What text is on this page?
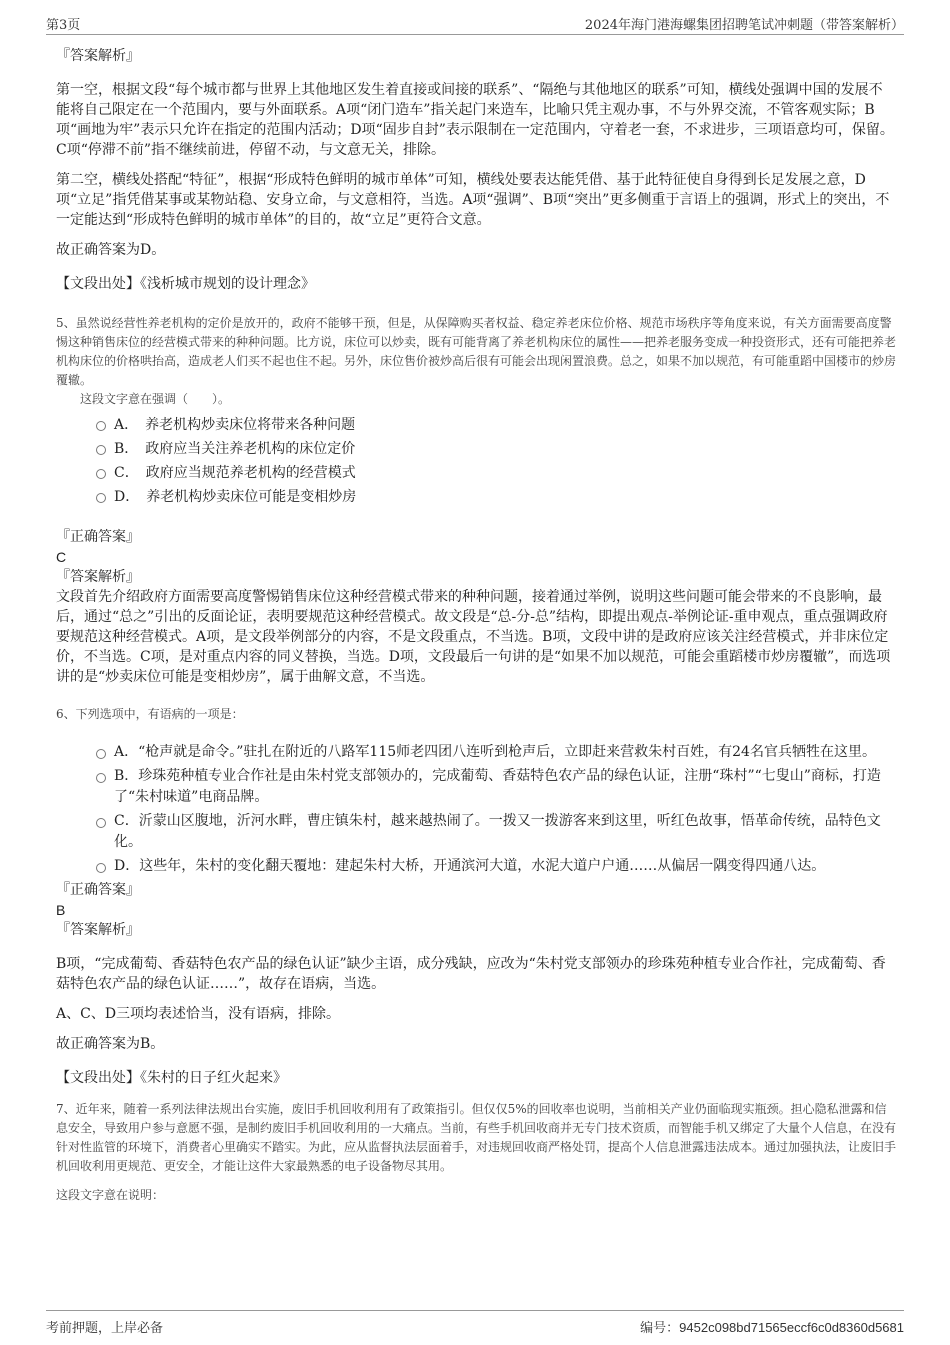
第3页	2024年海门港海螺集团招聘笔试冲刺题（带答案解析）
『答案解析』

第一空，根据文段“每个城市都与世界上其他地区发生着直接或间接的联系”、“隔绝与其他地区的联系”可知，横线处强调中国的发展不能将自己限定在一个范围内，要与外面联系。A项“闭门造车”指关起门来造车，比喻只凭主观办事，不与外界交流，不管客观实际；B项“画地为牢”表示只允许在指定的范围内活动；D项“固步自封”表示限制在一定范围内，守着老一套，不求进步，三项语意均可，保留。C项“停滞不前”指不继续前进，停留不动，与文意无关，排除。

第二空，横线处搭配“特征”，根据“形成特色鲜明的城市单体”可知，横线处要表达能凭借、基于此特征使自身得到长足发展之意，D项“立足”指凭借某事或某物站稳、安身立命，与文意相符，当选。A项“强调”、B项“突出”更多侧重于言语上的强调，形式上的突出，不一定能达到“形成特色鲜明的城市单体”的目的，故“立足”更符合文意。

故正确答案为D。

【文段出处】《浅析城市规划的设计理念》

5、虽然说经营性养老机构的定价是放开的，政府不能够干预，但是，从保障购买者权益、稳定养老床位价格、规范市场秩序等角度来说，有关方面需要高度警惕这种销售床位的经营模式带来的种种问题。比方说，床位可以炒卖，既有可能背离了养老机构床位的属性——把养老服务变成一种投资形式，还有可能把养老机构床位的价格哄抬高，造成老人们买不起也住不起。另外，床位售价被炒高后很有可能会出现闲置浪费。总之，如果不加以规范，有可能重蹈中国楼市的炒房覆辙。

这段文字意在强调（　　）。

A．　养老机构炒卖床位将带来各种问题
B．　政府应当关注养老机构的床位定价
C．　政府应当规范养老机构的经营模式
D．　养老机构炒卖床位可能是变相炒房
『正确答案』
C
『答案解析』

文段首先介绍政府方面需要高度警惕销售床位这种经营模式带来的种种问题，接着通过举例，说明这些问题可能会带来的不良影响，最后，通过“总之”引出的反面论证，表明要规范这种经营模式。故文段是“总-分-总”结构，即提出观点-举例论证-重申观点，重点强调政府要规范这种经营模式。A项，是文段举例部分的内容，不是文段重点，不当选。B项，文段中讲的是政府应该关注经营模式，并非床位定价，不当选。C项，是对重点内容的同义替换，当选。D项，文段最后一句讲的是“如果不加以规范，可能会重蹈楼市炒房覆辙”，而选项讲的是“炒卖床位可能是变相炒房”，属于曲解文意，不当选。

6、下列选项中，有语病的一项是：

A．“枪声就是命令。”驻扎在附近的八路军115师老四团八连听到枪声后，立即赶来营救朱村百姓，有24名官兵牺牲在这里。
B．珍珠苑种植专业合作社是由朱村党支部领办的，完成葡萄、香菇特色农产品的绿色认证，注册“珠村”“七叟山”商标，打造了“朱村味道”电商品牌。
C．沂蒙山区腹地，沂河水畔，曹庄镇朱村，越来越热闹了。一拨又一拨游客来到这里，听红色故事，悟革命传统，品特色文化。
D．这些年，朱村的变化翻天覆地：建起朱村大桥，开通滨河大道，水泥大道户户通……从偏居一隅变得四通八达。
『正确答案』
B
『答案解析』

B项，“完成葡萄、香菇特色农产品的绿色认证”缺少主语，成分残缺，应改为“朱村党支部领办的珍珠苑种植专业合作社，完成葡萄、香菇特色农产品的绿色认证……”，故存在语病，当选。

A、C、D三项均表述恰当，没有语病，排除。

故正确答案为B。

【文段出处】《朱村的日子红火起来》

7、近年来，随着一系列法律法规出台实施，废旧手机回收利用有了政策指引。但仅仅5%的回收率也说明，当前相关产业仍面临现实瓶颈。担心隐私泄露和信息安全，导致用户参与意愿不强，是制约废旧手机回收利用的一大痛点。当前，有些手机回收商并无专门技术资质，而智能手机又绑定了大量个人信息，在没有针对性监管的环境下，消费者心里确实不踏实。为此，应从监督执法层面着手，对违规回收商严格处罚，提高个人信息泄露违法成本。通过加强执法，让废旧手机回收利用更规范、更安全，才能让这件大家最熟悉的电子设备物尽其用。

这段文字意在说明：

考前押题，上岸必备	编号：9452c098bd71565eccf6c0d8360d5681
